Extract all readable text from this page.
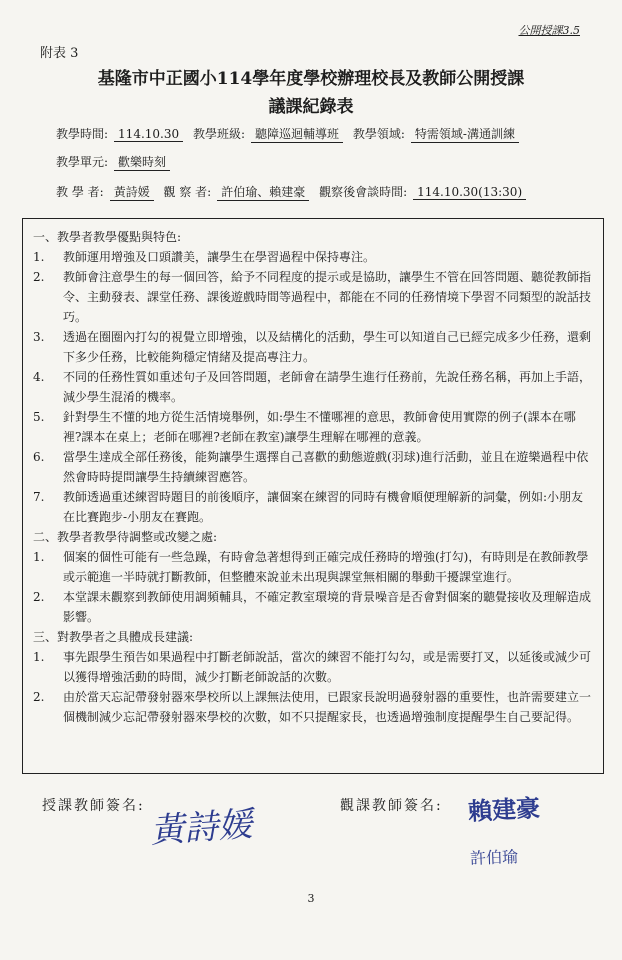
公開授課3.5
附表 3
基隆市中正國小114學年度學校辦理校長及教師公開授課
議課紀錄表
教學時間: 114.10.30 教學班級: 聽障巡迴輔導班 教學領域: 特需領域-溝通訓練
教學單元: 歡樂時刻
教 學 者: 黃詩媛 觀 察 者: 許伯瑜、賴建豪 觀察後會談時間: 114.10.30(13:30)
一、教學者教學優點與特色:
1.	教師運用增強及口頭讚美，讓學生在學習過程中保持專注。
2.	教師會注意學生的每一個回答，給予不同程度的提示或是協助，讓學生不管在回答問題、聽從教師指令、主動發表、課堂任務、課後遊戲時間等過程中，都能在不同的任務情境下學習不同類型的說話技巧。
3.	透過在圈圈內打勾的視覺立即增強，以及結構化的活動，學生可以知道自己已經完成多少任務，還剩下多少任務，比較能夠穩定情緒及提高專注力。
4.	不同的任務性質如重述句子及回答問題，老師會在請學生進行任務前，先說任務名稱，再加上手語，減少學生混淆的機率。
5.	針對學生不懂的地方從生活情境舉例，如:學生不懂哪裡的意思，教師會使用實際的例子(課本在哪裡?課本在桌上；老師在哪裡?老師在教室)讓學生理解在哪裡的意義。
6.	當學生達成全部任務後，能夠讓學生選擇自己喜歡的動態遊戲(羽球)進行活動，並且在遊樂過程中依然會時時提問讓學生持續練習應答。
7.	教師透過重述練習時題目的前後順序，讓個案在練習的同時有機會順便理解新的詞彙，例如:小朋友在比賽跑步-小朋友在賽跑。
二、教學者教學待調整或改變之處:
1.	個案的個性可能有一些急躁，有時會急著想得到正確完成任務時的增強(打勾)，有時則是在教師教學或示範進一半時就打斷教師，但整體來說並未出現與課堂無相關的舉動干擾課堂進行。
2.	本堂課未觀察到教師使用調頻輔具，不確定教室環境的背景噪音是否會對個案的聽覺接收及理解造成影響。
三、對教學者之具體成長建議:
1.	事先跟學生預告如果過程中打斷老師說話，當次的練習不能打勾勾，或是需要打叉，以延後或減少可以獲得增強活動的時間，減少打斷老師說話的次數。
2.	由於當天忘記帶發射器來學校所以上課無法使用，已跟家長說明過發射器的重要性，也許需要建立一個機制減少忘記帶發射器來學校的次數，如不只提醒家長，也透過增強制度提醒學生自己要記得。
授課教師簽名: 黃詩媛	觀課教師簽名: 賴建豪
許伯瑜
3
